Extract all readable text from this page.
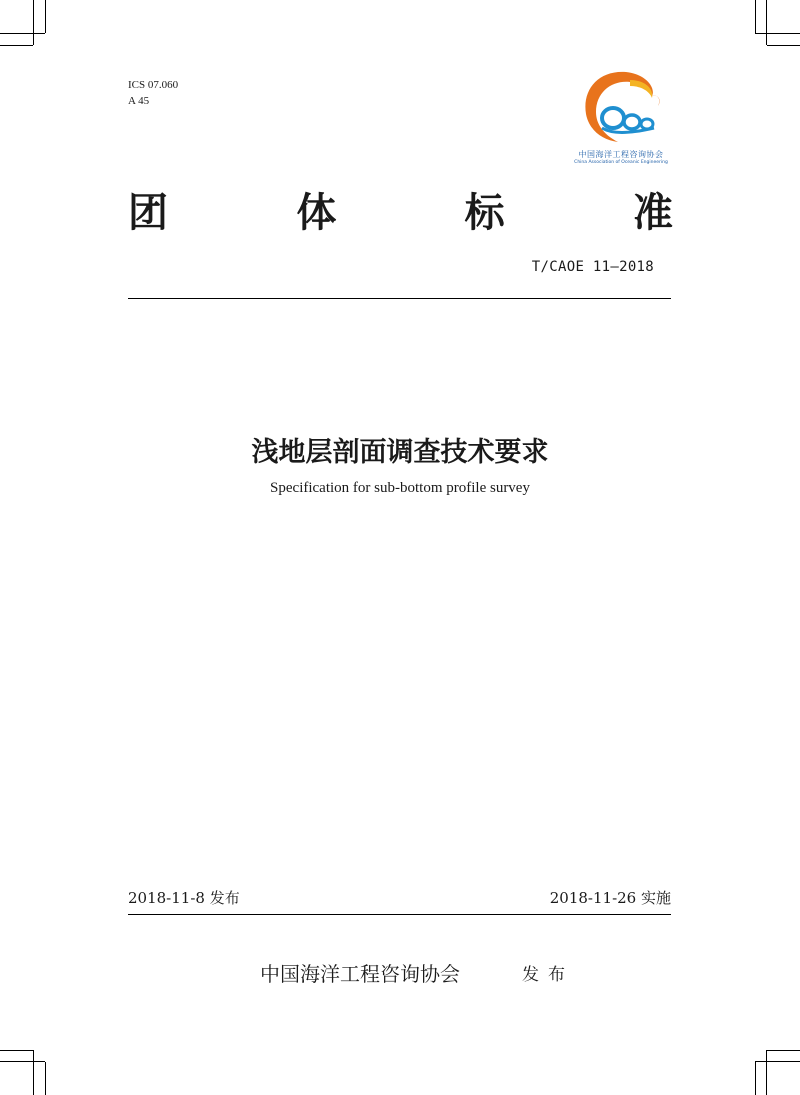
ICS 07.060
A 45
中国海洋工程咨询协会
China Association of Oceanic Engineering
团	体	标	准
T/CAOE 11—2018
浅地层剖面调查技术要求
Specification for sub-bottom profile survey
2018-11-8 发布	2018-11-26 实施
中国海洋工程咨询协会	发布
